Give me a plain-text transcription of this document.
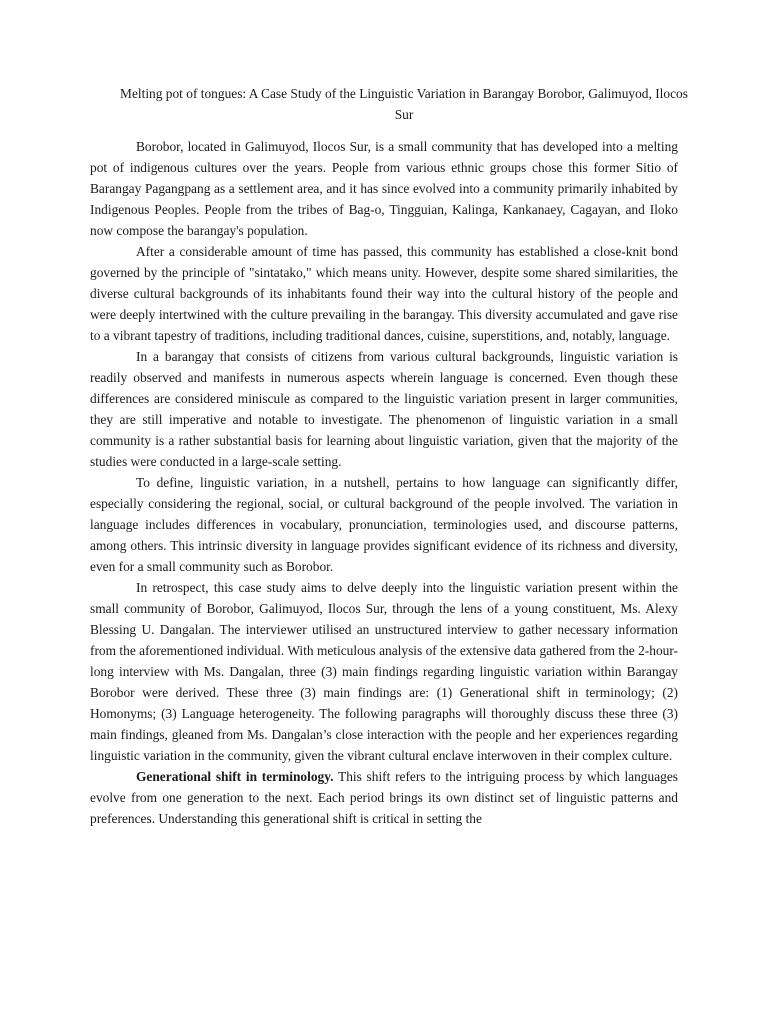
Melting pot of tongues: A Case Study of the Linguistic Variation in Barangay Borobor, Galimuyod, Ilocos Sur

Borobor, located in Galimuyod, Ilocos Sur, is a small community that has developed into a melting pot of indigenous cultures over the years. People from various ethnic groups chose this former Sitio of Barangay Pagangpang as a settlement area, and it has since evolved into a community primarily inhabited by Indigenous Peoples. People from the tribes of Bag-o, Tingguian, Kalinga, Kankanaey, Cagayan, and Iloko now compose the barangay's population.

After a considerable amount of time has passed, this community has established a close-knit bond governed by the principle of "sintatako," which means unity. However, despite some shared similarities, the diverse cultural backgrounds of its inhabitants found their way into the cultural history of the people and were deeply intertwined with the culture prevailing in the barangay. This diversity accumulated and gave rise to a vibrant tapestry of traditions, including traditional dances, cuisine, superstitions, and, notably, language.

In a barangay that consists of citizens from various cultural backgrounds, linguistic variation is readily observed and manifests in numerous aspects wherein language is concerned. Even though these differences are considered miniscule as compared to the linguistic variation present in larger communities, they are still imperative and notable to investigate. The phenomenon of linguistic variation in a small community is a rather substantial basis for learning about linguistic variation, given that the majority of the studies were conducted in a large-scale setting.

To define, linguistic variation, in a nutshell, pertains to how language can significantly differ, especially considering the regional, social, or cultural background of the people involved. The variation in language includes differences in vocabulary, pronunciation, terminologies used, and discourse patterns, among others. This intrinsic diversity in language provides significant evidence of its richness and diversity, even for a small community such as Borobor.

In retrospect, this case study aims to delve deeply into the linguistic variation present within the small community of Borobor, Galimuyod, Ilocos Sur, through the lens of a young constituent, Ms. Alexy Blessing U. Dangalan. The interviewer utilised an unstructured interview to gather necessary information from the aforementioned individual. With meticulous analysis of the extensive data gathered from the 2-hour-long interview with Ms. Dangalan, three (3) main findings regarding linguistic variation within Barangay Borobor were derived. These three (3) main findings are: (1) Generational shift in terminology; (2) Homonyms; (3) Language heterogeneity. The following paragraphs will thoroughly discuss these three (3) main findings, gleaned from Ms. Dangalan’s close interaction with the people and her experiences regarding linguistic variation in the community, given the vibrant cultural enclave interwoven in their complex culture.

Generational shift in terminology. This shift refers to the intriguing process by which languages evolve from one generation to the next. Each period brings its own distinct set of linguistic patterns and preferences. Understanding this generational shift is critical in setting the
